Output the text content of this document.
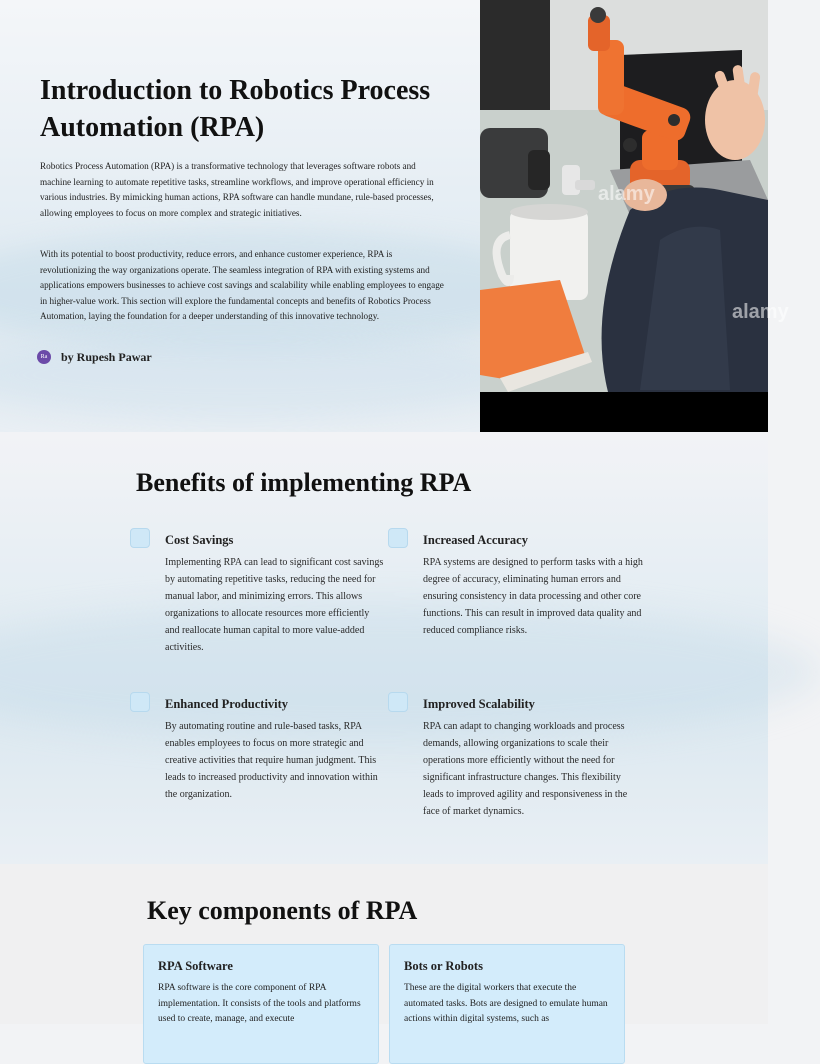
Introduction to Robotics Process Automation (RPA)

Robotics Process Automation (RPA) is a transformative technology that leverages software robots and machine learning to automate repetitive tasks, streamline workflows, and improve operational efficiency in various industries. By mimicking human actions, RPA software can handle mundane, rule-based processes, allowing employees to focus on more complex and strategic initiatives.

With its potential to boost productivity, reduce errors, and enhance customer experience, RPA is revolutionizing the way organizations operate. The seamless integration of RPA with existing systems and applications empowers businesses to achieve cost savings and scalability while enabling employees to engage in higher-value work. This section will explore the fundamental concepts and benefits of Robotics Process Automation, laying the foundation for a deeper understanding of this innovative technology.

Ra	by Rupesh Pawar
alamy
alamy
Benefits of implementing RPA

Cost Savings

Implementing RPA can lead to significant cost savings by automating repetitive tasks, reducing the need for manual labor, and minimizing errors. This allows organizations to allocate resources more efficiently and reallocate human capital to more value-added activities.

Increased Accuracy

RPA systems are designed to perform tasks with a high degree of accuracy, eliminating human errors and ensuring consistency in data processing and other core functions. This can result in improved data quality and reduced compliance risks.

Enhanced Productivity

By automating routine and rule-based tasks, RPA enables employees to focus on more strategic and creative activities that require human judgment. This leads to increased productivity and innovation within the organization.

Improved Scalability

RPA can adapt to changing workloads and process demands, allowing organizations to scale their operations more efficiently without the need for significant infrastructure changes. This flexibility leads to improved agility and responsiveness in the face of market dynamics.

Key components of RPA

RPA Software

RPA software is the core component of RPA implementation. It consists of the tools and platforms used to create, manage, and execute

Bots or Robots

These are the digital workers that execute the automated tasks. Bots are designed to emulate human actions within digital systems, such as
